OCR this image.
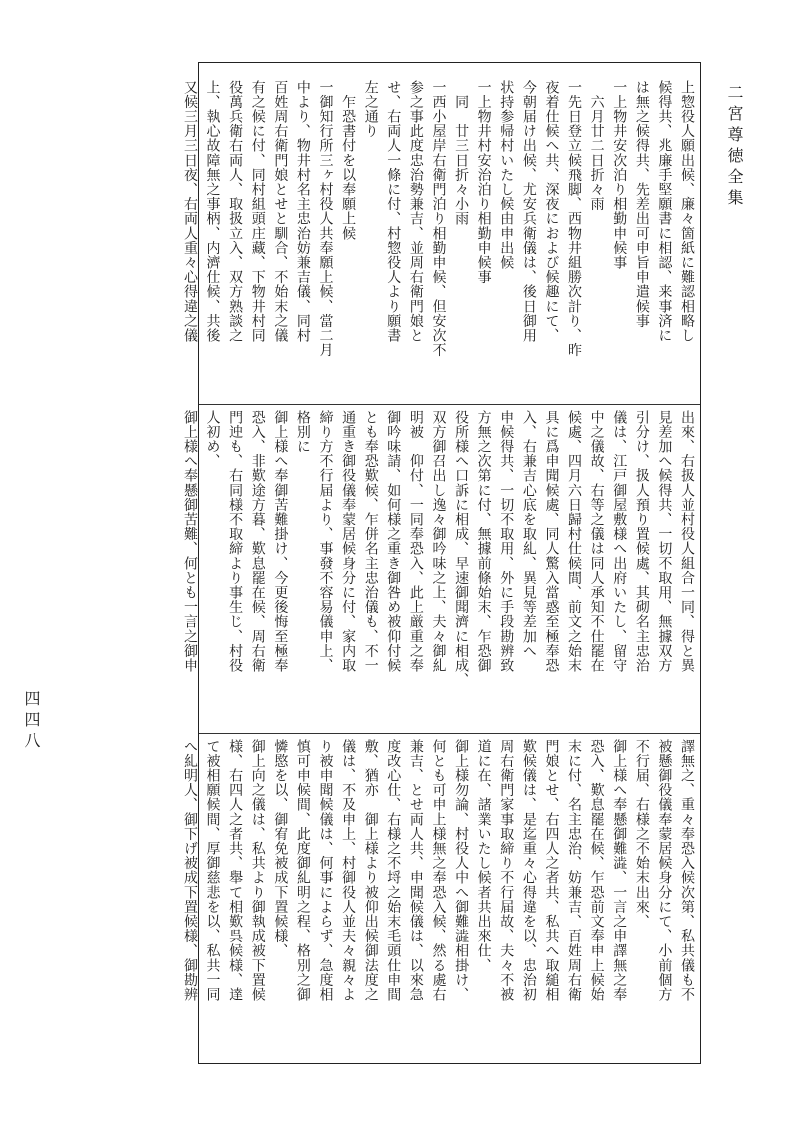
二宮尊徳全集
四四八

上惣役人願出候、廉々箇紙に難認相略し

候得共、兆廉手堅願書に相認、来事済に

は無之候得共、先差出可申旨申遣候事

一上物井安次泊り相勤申候事

　六月廿二日折々雨

一先日登立候飛脚、西物井組勝次計り、昨

夜着仕候へ共、深夜におよび候趣にて、

今朝届け出候、尤安兵衛儀は、後日御用

状持参帰村いたし候由申出候

一上物井村安治泊り相勤申候事

　同　廿三日折々小雨

一西小屋岸右衛門泊り相勤申候、但安次不

参之事此度忠治勢兼吉、並周右衛門娘と

せ、右両人一條に付、村惣役人より願書

左之通り

　乍恐書付を以奉願上候

一御知行所三ヶ村役人共奉願上候、當二月

中より、物井村名主忠治妨兼吉儀、同村

百姓周右衛門娘とせと馴合、不始末之儀

有之候に付、同村組頭庄藏、下物井村同

役萬兵衛右両人、取扱立入、双方熟談之

上、執心故障無之事柄、内濟仕候、共後

又候三月三日夜、右両人重々心得違之儀

出來、右扱人並村役人組合一同、得と異

見差加へ候得共、一切不取用、無據双方

引分け、扱人預り置候處、其砌名主忠治

儀は、江戸御屋敷様へ出府いたし、留守

中之儀故、右等之儀は同人承知不仕罷在

候處、四月六日歸村仕候間、前文之始末

具に爲申聞候處、同人驚入當惑至極奉恐

入、右兼吉心底を取糺、異見等差加へ

申候得共、一切不取用、外に手段勘辨致

方無之次第に付、無據前條始末、乍恐御

役所様へ口訴に相成、早速御聞濟に相成、

双方御召出し逸々御吟味之上、夫々御糺

明被　仰付、一同奉恐入、此上厳重之奉

御吟味請、如何様之重き御咎め被仰付候

とも奉恐歎候、乍併名主忠治儀も、不一

通重き御役儀奉蒙居候身分に付、家内取

締り方不行届より、事發不容易儀申上、

格別に

御上様へ奉御苦難掛け、今更後悔至極奉

恐入、非歎途方暮、歎息罷在候、周右衛

門迚も、右同様不取締より事生じ、村役

人初め、

御上様へ奉懸御苦難、何とも一言之御申

譯無之、重々奉恐入候次第、私共儀も不

被懸御役儀奉蒙居候身分にて、小前個方

不行届、右様之不始末出來、

御上様へ奉懸御難澁、一言之申譯無之奉

恐入、歎息罷在候、乍恐前文奉申上候始

末に付、名主忠治、妨兼吉、百姓周右衛

門娘とせ、右四人之者共、私共へ取縋相

歎候儀は、是迄重々心得違を以、忠治初

周右衛門家事取締り不行届故、夫々不被

道に在、諸業いたし候者共出來仕、

御上様勿論、村役人中へ御難澁相掛け、

何とも可申上様無之奉恐入候、然る處右

兼吉、とせ両人共、申聞候儀は、以來急

度改心仕、右様之不埒之始末毛頭仕申間

敷、猶亦　御上様より被仰出候御法度之

儀は、不及申上、村御役人並夫々親々よ

り被申聞候儀は、何事によらず、急度相

慎可申候間、此度御糺明之程、格別之御

憐愍を以、御宥免被成下置候様、

御上向之儀は、私共より御執成被下置候

様、右四人之者共、舉て相歎呉候様、達

て被相願候間、厚御慈悲を以、私共一同

へ糺明人、御下げ被成下置候様、御勘辨
